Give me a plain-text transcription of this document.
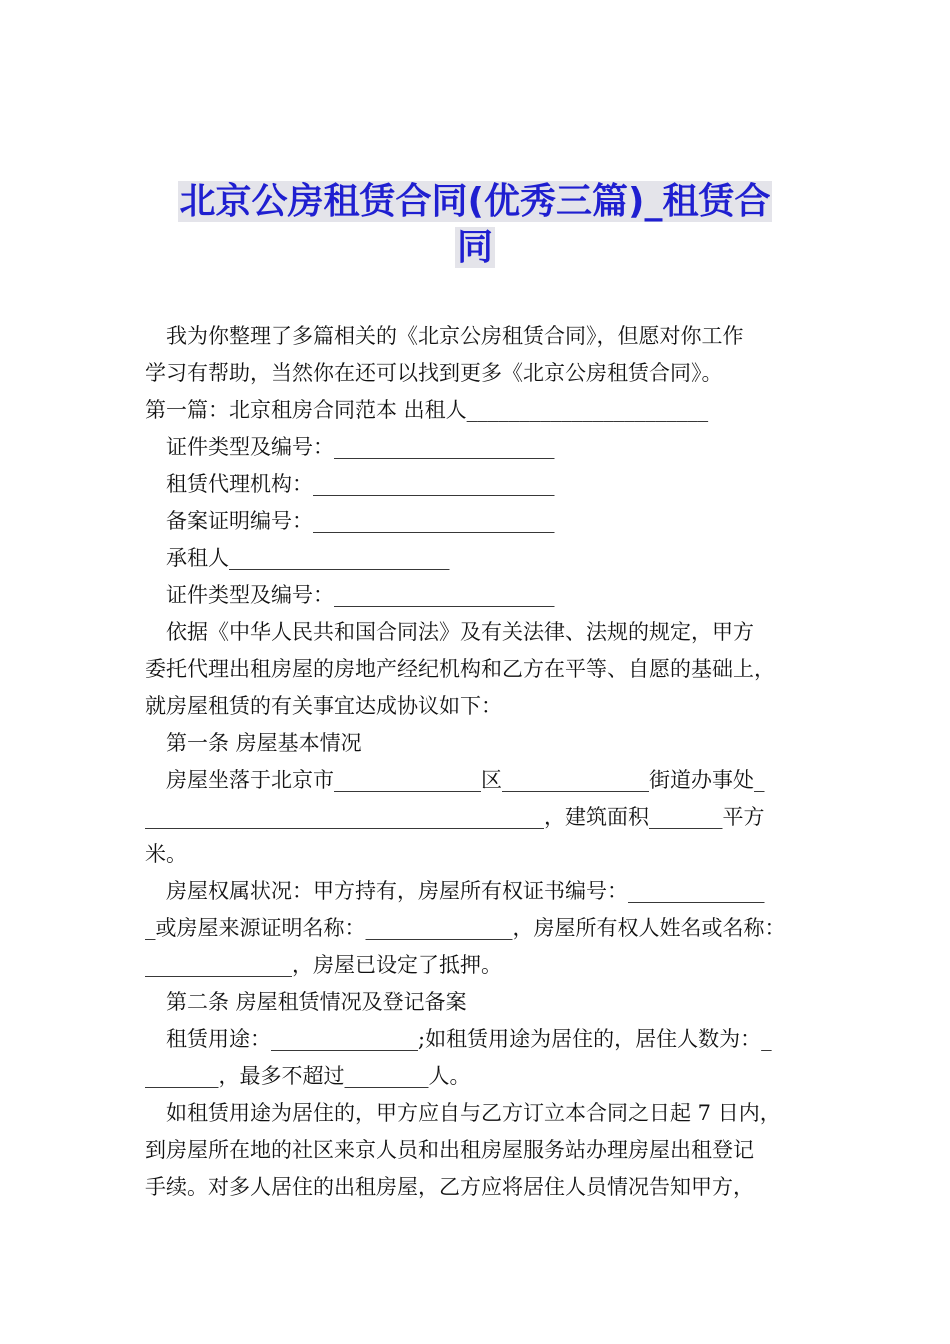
北京公房租赁合同(优秀三篇)_租赁合
同
我为你整理了多篇相关的《北京公房租赁合同》，但愿对你工作
学习有帮助，当然你在还可以找到更多《北京公房租赁合同》。
第一篇：北京租房合同范本 出租人_______________________
证件类型及编号：_____________________
租赁代理机构：_______________________
备案证明编号：_______________________
承租人_____________________
证件类型及编号：_____________________
依据《中华人民共和国合同法》及有关法律、法规的规定，甲方
委托代理出租房屋的房地产经纪机构和乙方在平等、自愿的基础上，
就房屋租赁的有关事宜达成协议如下：
第一条 房屋基本情况
房屋坐落于北京市______________区______________街道办事处_
______________________________________，建筑面积_______平方
米。
房屋权属状况：甲方持有，房屋所有权证书编号：_____________
_或房屋来源证明名称：______________，房屋所有权人姓名或名称：
______________，房屋已设定了抵押。
第二条 房屋租赁情况及登记备案
租赁用途：______________;如租赁用途为居住的，居住人数为：_
_______，最多不超过________人。
如租赁用途为居住的，甲方应自与乙方订立本合同之日起 7 日内，
到房屋所在地的社区来京人员和出租房屋服务站办理房屋出租登记
手续。对多人居住的出租房屋，乙方应将居住人员情况告知甲方，
